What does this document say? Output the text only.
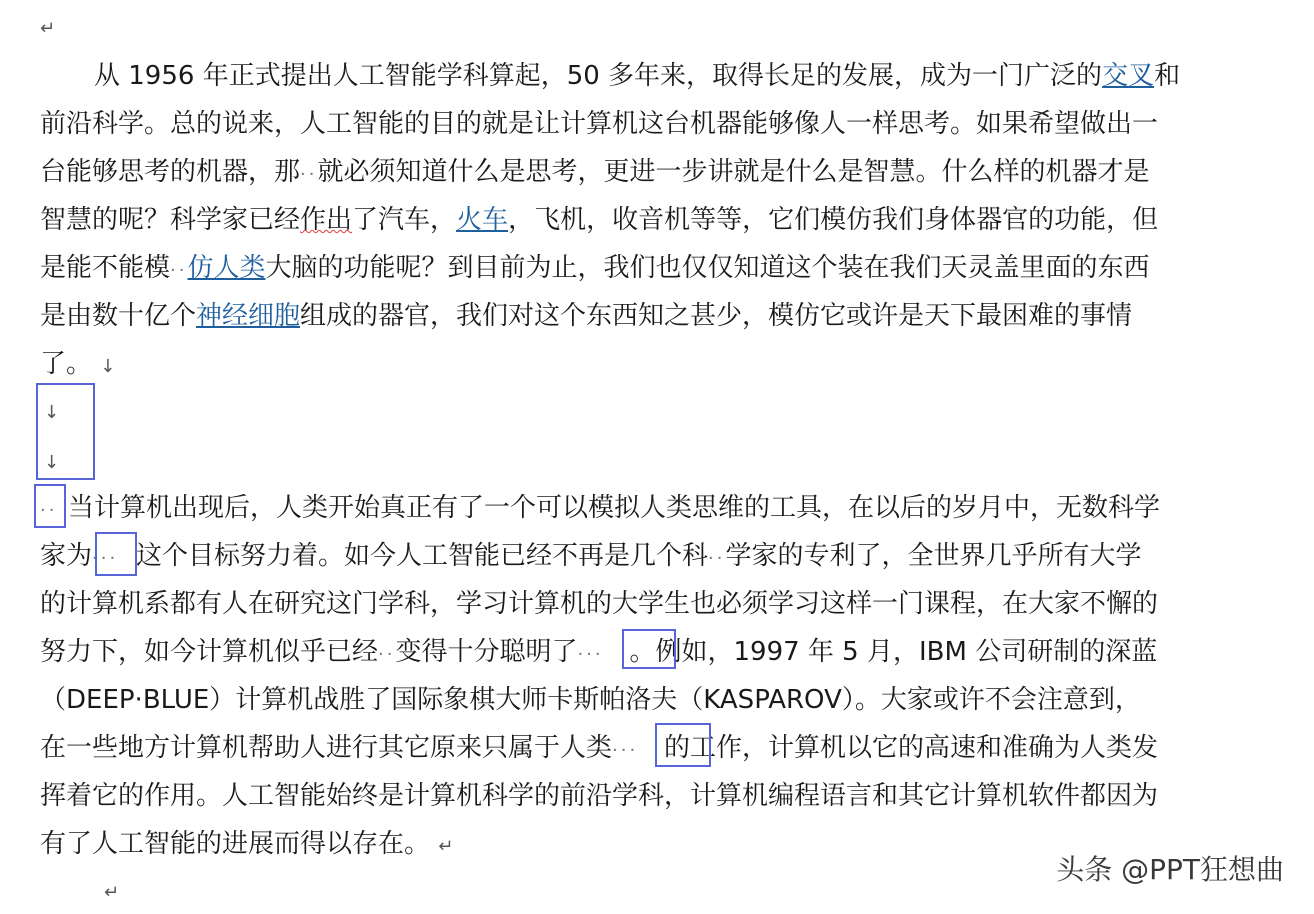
↵
从 1956 年正式提出人工智能学科算起，50 多年来，取得长足的发展，成为一门广泛的交叉和
前沿科学。总的说来，人工智能的目的就是让计算机这台机器能够像人一样思考。如果希望做出一
台能够思考的机器，那··就必须知道什么是思考，更进一步讲就是什么是智慧。什么样的机器才是
智慧的呢？科学家已经作出了汽车，火车，飞机，收音机等等，它们模仿我们身体器官的功能，但
是能不能模··仿人类大脑的功能呢？到目前为止，我们也仅仅知道这个装在我们天灵盖里面的东西
是由数十亿个神经细胞组成的器官，我们对这个东西知之甚少，模仿它或许是天下最困难的事情
了。 ↓
↓
↓
·· 当计算机出现后，人类开始真正有了一个可以模拟人类思维的工具，在以后的岁月中，无数科学
家为··· 这个目标努力着。如今人工智能已经不再是几个科··学家的专利了，全世界几乎所有大学
的计算机系都有人在研究这门学科，学习计算机的大学生也必须学习这样一门课程，在大家不懈的
努力下，如今计算机似乎已经··变得十分聪明了··· 。例如，1997 年 5 月，IBM 公司研制的深蓝
（DEEP·BLUE）计算机战胜了国际象棋大师卡斯帕洛夫（KASPAROV）。大家或许不会注意到，
在一些地方计算机帮助人进行其它原来只属于人类··· 的工作，计算机以它的高速和准确为人类发
挥着它的作用。人工智能始终是计算机科学的前沿学科，计算机编程语言和其它计算机软件都因为
有了人工智能的进展而得以存在。 ↵
↵
头条 @PPT狂想曲
